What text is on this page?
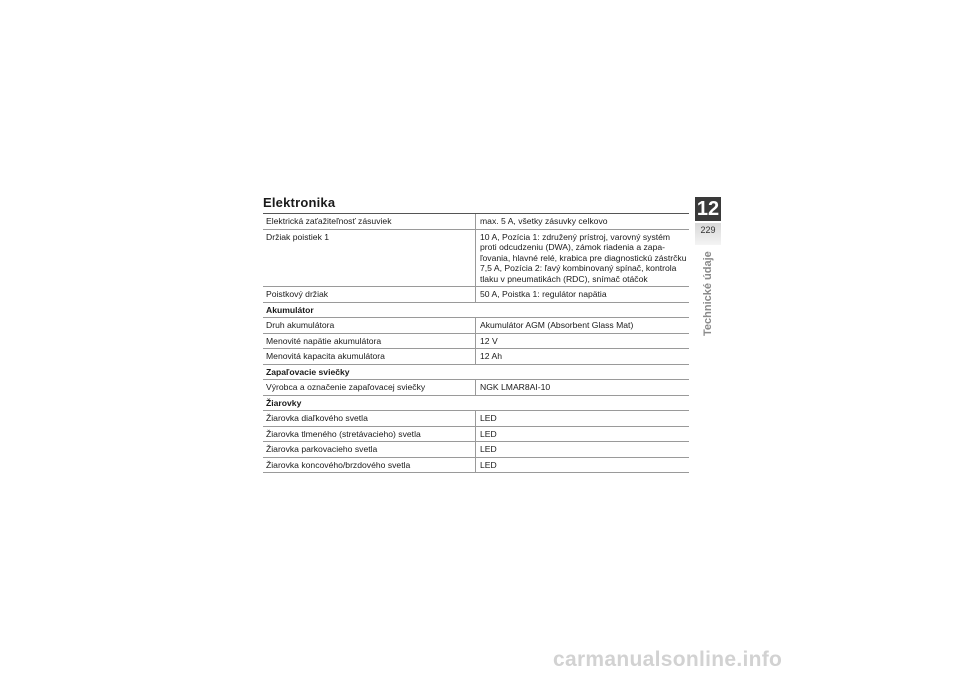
Elektronika
Elektrická zaťažiteľnosť zásuviek	max. 5 A, všetky zásuvky celkovo
Držiak poistiek 1	10 A, Pozícia 1: združený prístroj, varovný systém proti odcudzeniu (DWA), zámok riadenia a zapaľovania, hlavné relé, krabica pre diagnostickú zástrčku
7,5 A, Pozícia 2: ľavý kombinovaný spínač, kontrola tlaku v pneumatikách (RDC), snímač otáčok
Poistkový držiak	50 A, Poistka 1: regulátor napätia
Akumulátor
Druh akumulátora	Akumulátor AGM (Absorbent Glass Mat)
Menovité napätie akumulátora	12 V
Menovitá kapacita akumulátora	12 Ah
Zapaľovacie sviečky
Výrobca a označenie zapaľovacej sviečky	NGK LMAR8AI-10
Žiarovky
Žiarovka diaľkového svetla	LED
Žiarovka tlmeného (stretávacieho) svetla	LED
Žiarovka parkovacieho svetla	LED
Žiarovka koncového/brzdového svetla	LED
12
229
Technické údaje
carmanualsonline.info
